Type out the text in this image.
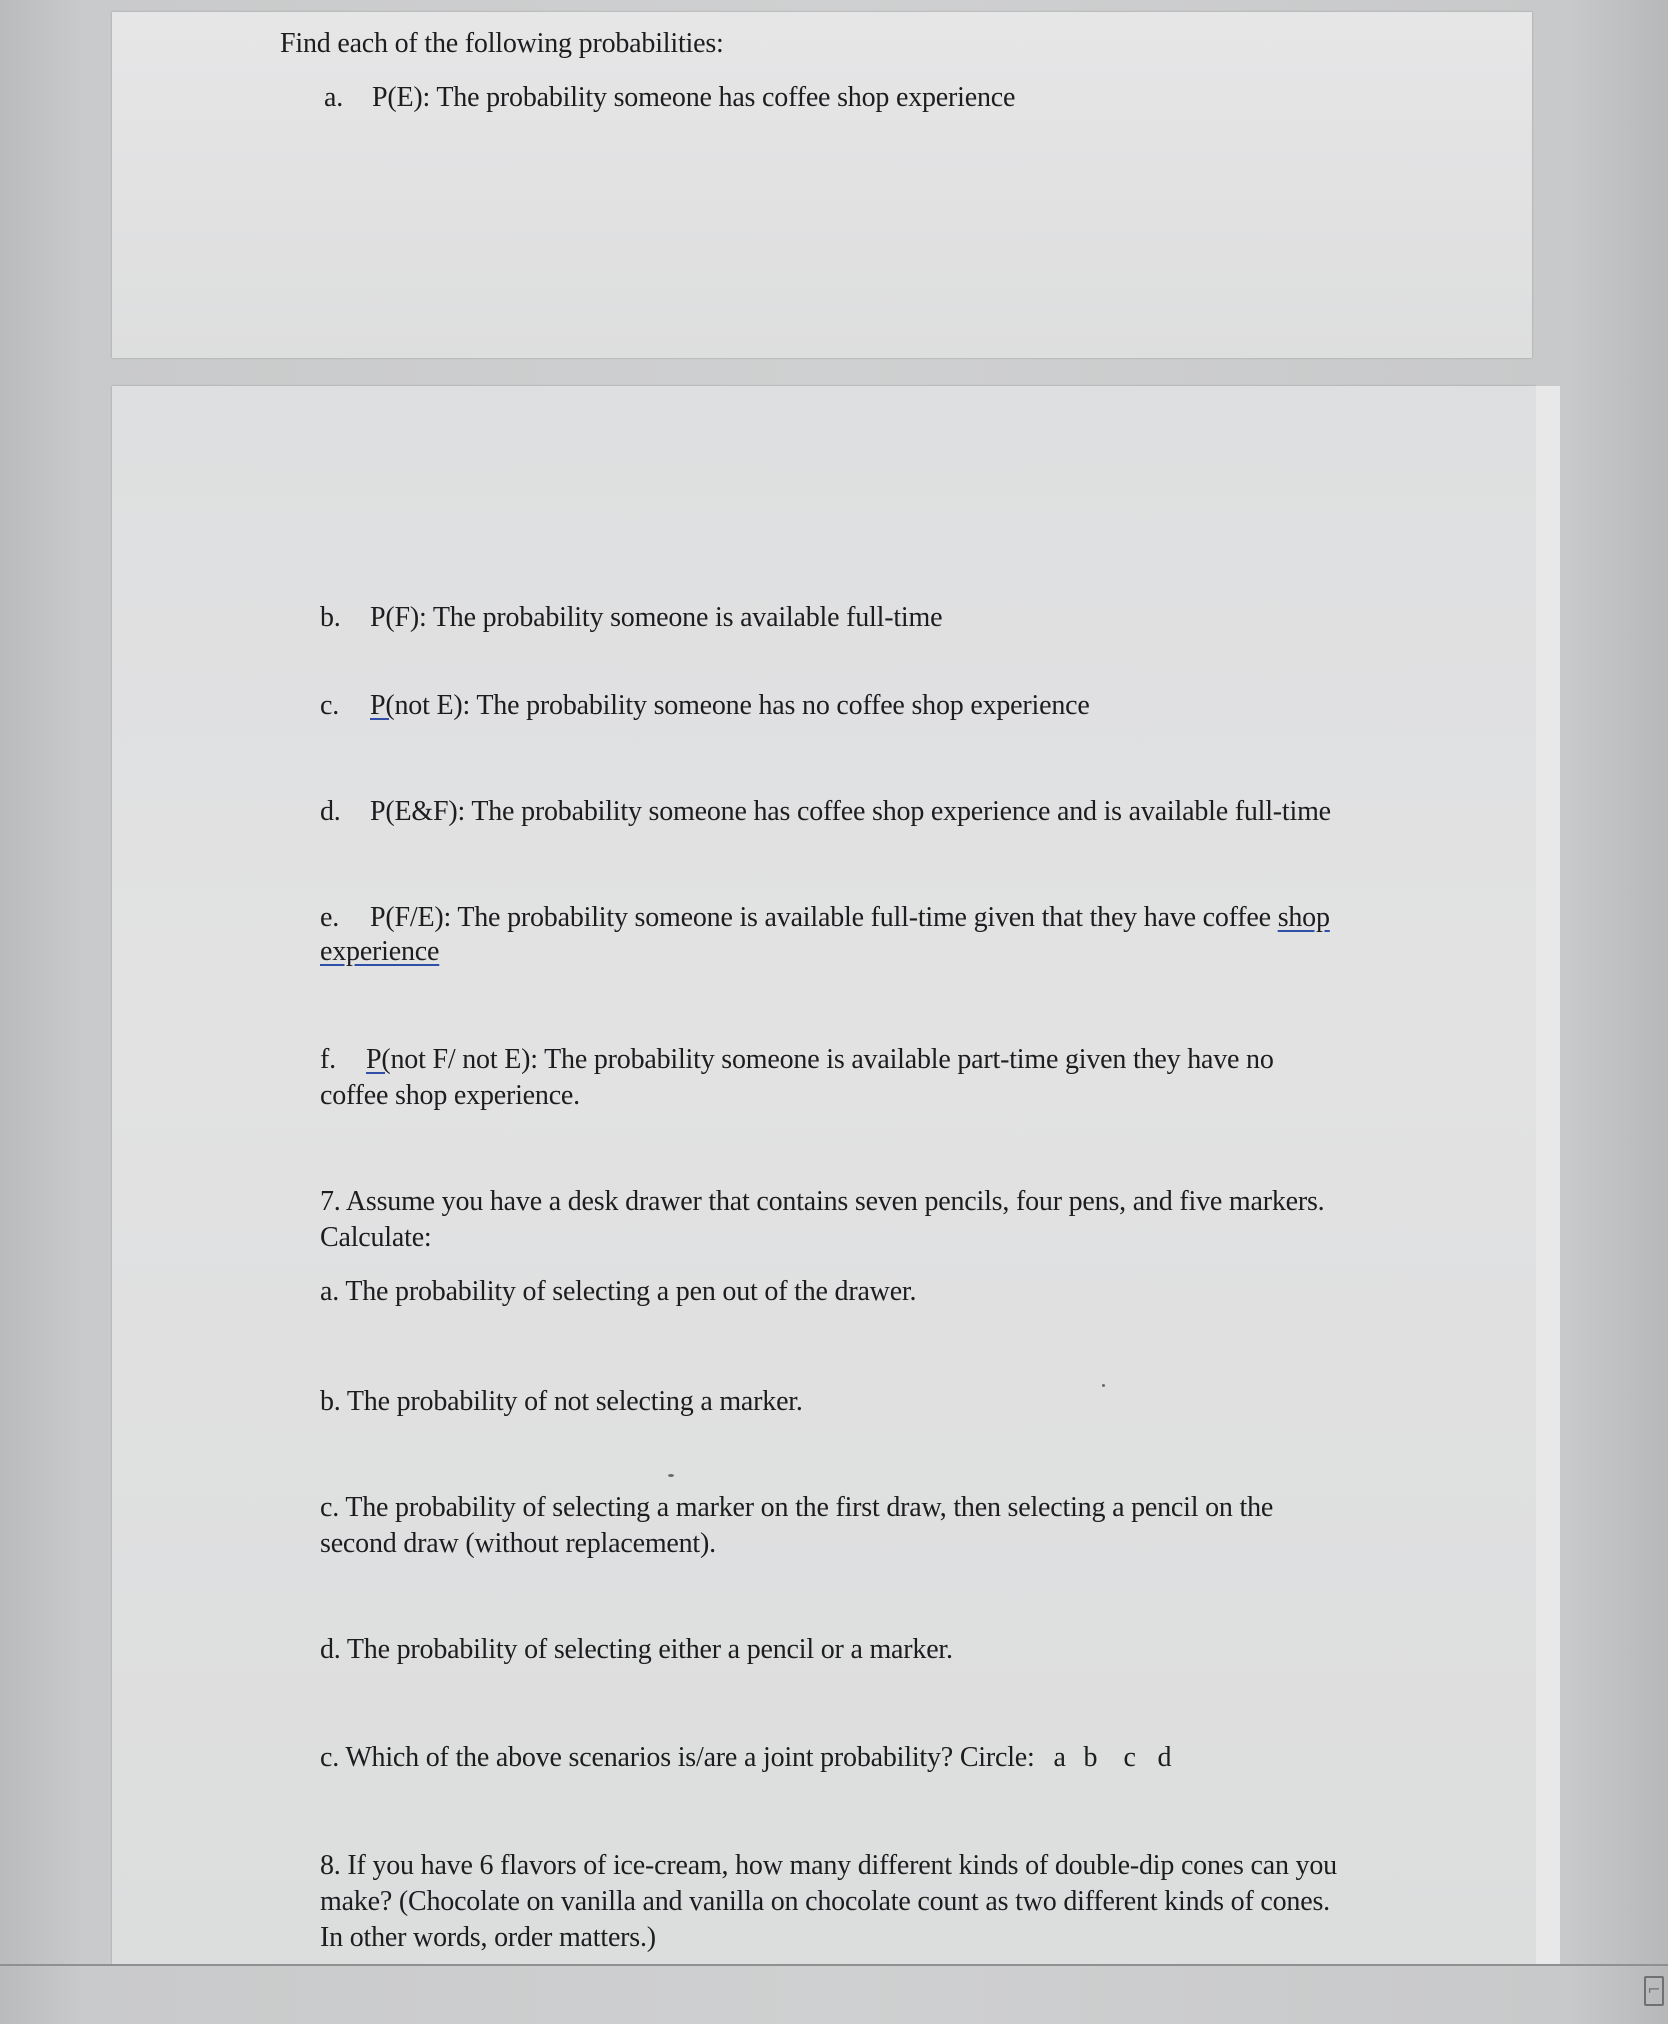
Find each of the following probabilities:
a. P(E): The probability someone has coffee shop experience
b. P(F): The probability someone is available full-time
c. P(not E): The probability someone has no coffee shop experience
d. P(E&F): The probability someone has coffee shop experience and is available full-time
e. P(F/E): The probability someone is available full-time given that they have coffee shop
experience
f. P(not F/ not E): The probability someone is available part-time given they have no
coffee shop experience.
7. Assume you have a desk drawer that contains seven pencils, four pens, and five markers.
Calculate:
a. The probability of selecting a pen out of the drawer.
b. The probability of not selecting a marker.
c. The probability of selecting a marker on the first draw, then selecting a pencil on the
second draw (without replacement).
d. The probability of selecting either a pencil or a marker.
c. Which of the above scenarios is/are a joint probability? Circle: a b c d
8. If you have 6 flavors of ice-cream, how many different kinds of double-dip cones can you
make? (Chocolate on vanilla and vanilla on chocolate count as two different kinds of cones.
In other words, order matters.)
⌐
